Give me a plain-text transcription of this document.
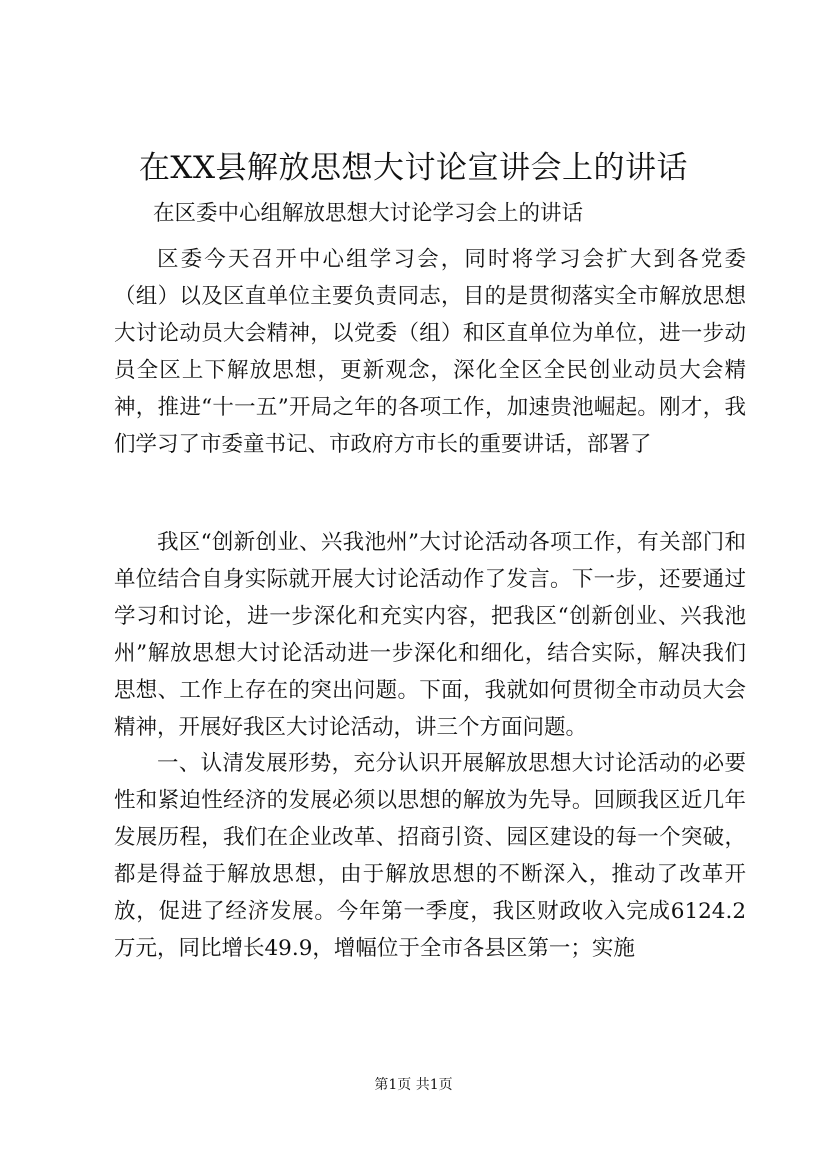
在XX县解放思想大讨论宣讲会上的讲话
在区委中心组解放思想大讨论学习会上的讲话

区委今天召开中心组学习会，同时将学习会扩大到各党委（组）以及区直单位主要负责同志，目的是贯彻落实全市解放思想大讨论动员大会精神，以党委（组）和区直单位为单位，进一步动员全区上下解放思想，更新观念，深化全区全民创业动员大会精神，推进“十一五”开局之年的各项工作，加速贵池崛起。刚才，我们学习了市委童书记、市政府方市长的重要讲话，部署了

我区“创新创业、兴我池州”大讨论活动各项工作，有关部门和单位结合自身实际就开展大讨论活动作了发言。下一步，还要通过学习和讨论，进一步深化和充实内容，把我区“创新创业、兴我池州”解放思想大讨论活动进一步深化和细化，结合实际，解决我们思想、工作上存在的突出问题。下面，我就如何贯彻全市动员大会精神，开展好我区大讨论活动，讲三个方面问题。

一、认清发展形势，充分认识开展解放思想大讨论活动的必要性和紧迫性经济的发展必须以思想的解放为先导。回顾我区近几年发展历程，我们在企业改革、招商引资、园区建设的每一个突破，都是得益于解放思想，由于解放思想的不断深入，推动了改革开放，促进了经济发展。今年第一季度，我区财政收入完成6124.2万元，同比增长49.9，增幅位于全市各县区第一；实施

第1页 共1页
